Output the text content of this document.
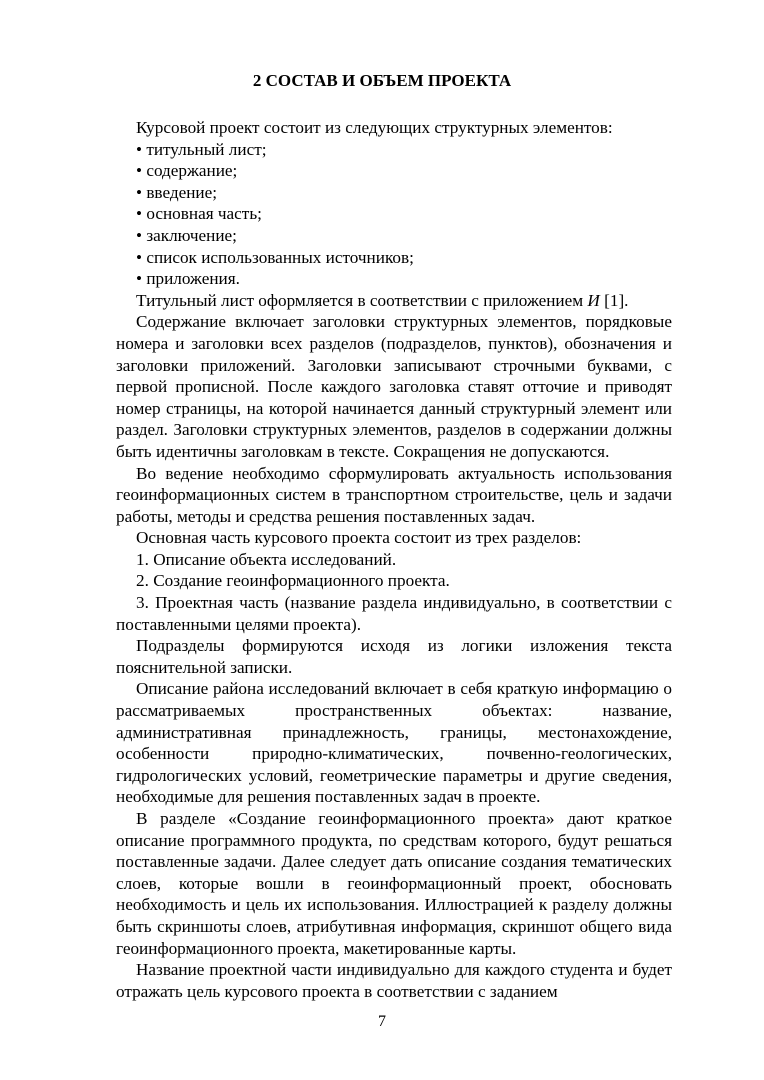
2 СОСТАВ И ОБЪЕМ ПРОЕКТА

Курсовой проект состоит из следующих структурных элементов:

• титульный лист;

• содержание;

• введение;

• основная часть;

• заключение;

• список использованных источников;

• приложения.

Титульный лист оформляется в соответствии с приложением И [1].

Содержание включает заголовки структурных элементов, порядковые номера и заголовки всех разделов (подразделов, пунктов), обозначения и заголовки приложений. Заголовки записывают строчными буквами, с первой прописной. После каждого заголовка ставят отточие и приводят номер страницы, на которой начинается данный структурный элемент или раздел. Заголовки структурных элементов, разделов в содержании должны быть идентичны заголовкам в тексте. Сокращения не допускаются.

Во ведение необходимо сформулировать актуальность использования геоинформационных систем в транспортном строительстве, цель и задачи работы, методы и средства решения поставленных задач.

Основная часть курсового проекта состоит из трех разделов:

1. Описание объекта исследований.

2. Создание геоинформационного проекта.

3. Проектная часть (название раздела индивидуально, в соответствии с поставленными целями проекта).

Подразделы формируются исходя из логики изложения текста пояснительной записки.

Описание района исследований включает в себя краткую информацию о рассматриваемых пространственных объектах: название, административная принадлежность, границы, местонахождение, особенности природно-климатических, почвенно-геологических, гидрологических условий, геометрические параметры и другие сведения, необходимые для решения поставленных задач в проекте.

В разделе «Создание геоинформационного проекта» дают краткое описание программного продукта, по средствам которого, будут решаться поставленные задачи. Далее следует дать описание создания тематических слоев, которые вошли в геоинформационный проект, обосновать необходимость и цель их использования. Иллюстрацией к разделу должны быть скриншоты слоев, атрибутивная информация, скриншот общего вида геоинформационного проекта, макетированные карты.

Название проектной части индивидуально для каждого студента и будет отражать цель курсового проекта в соответствии с заданием

7
